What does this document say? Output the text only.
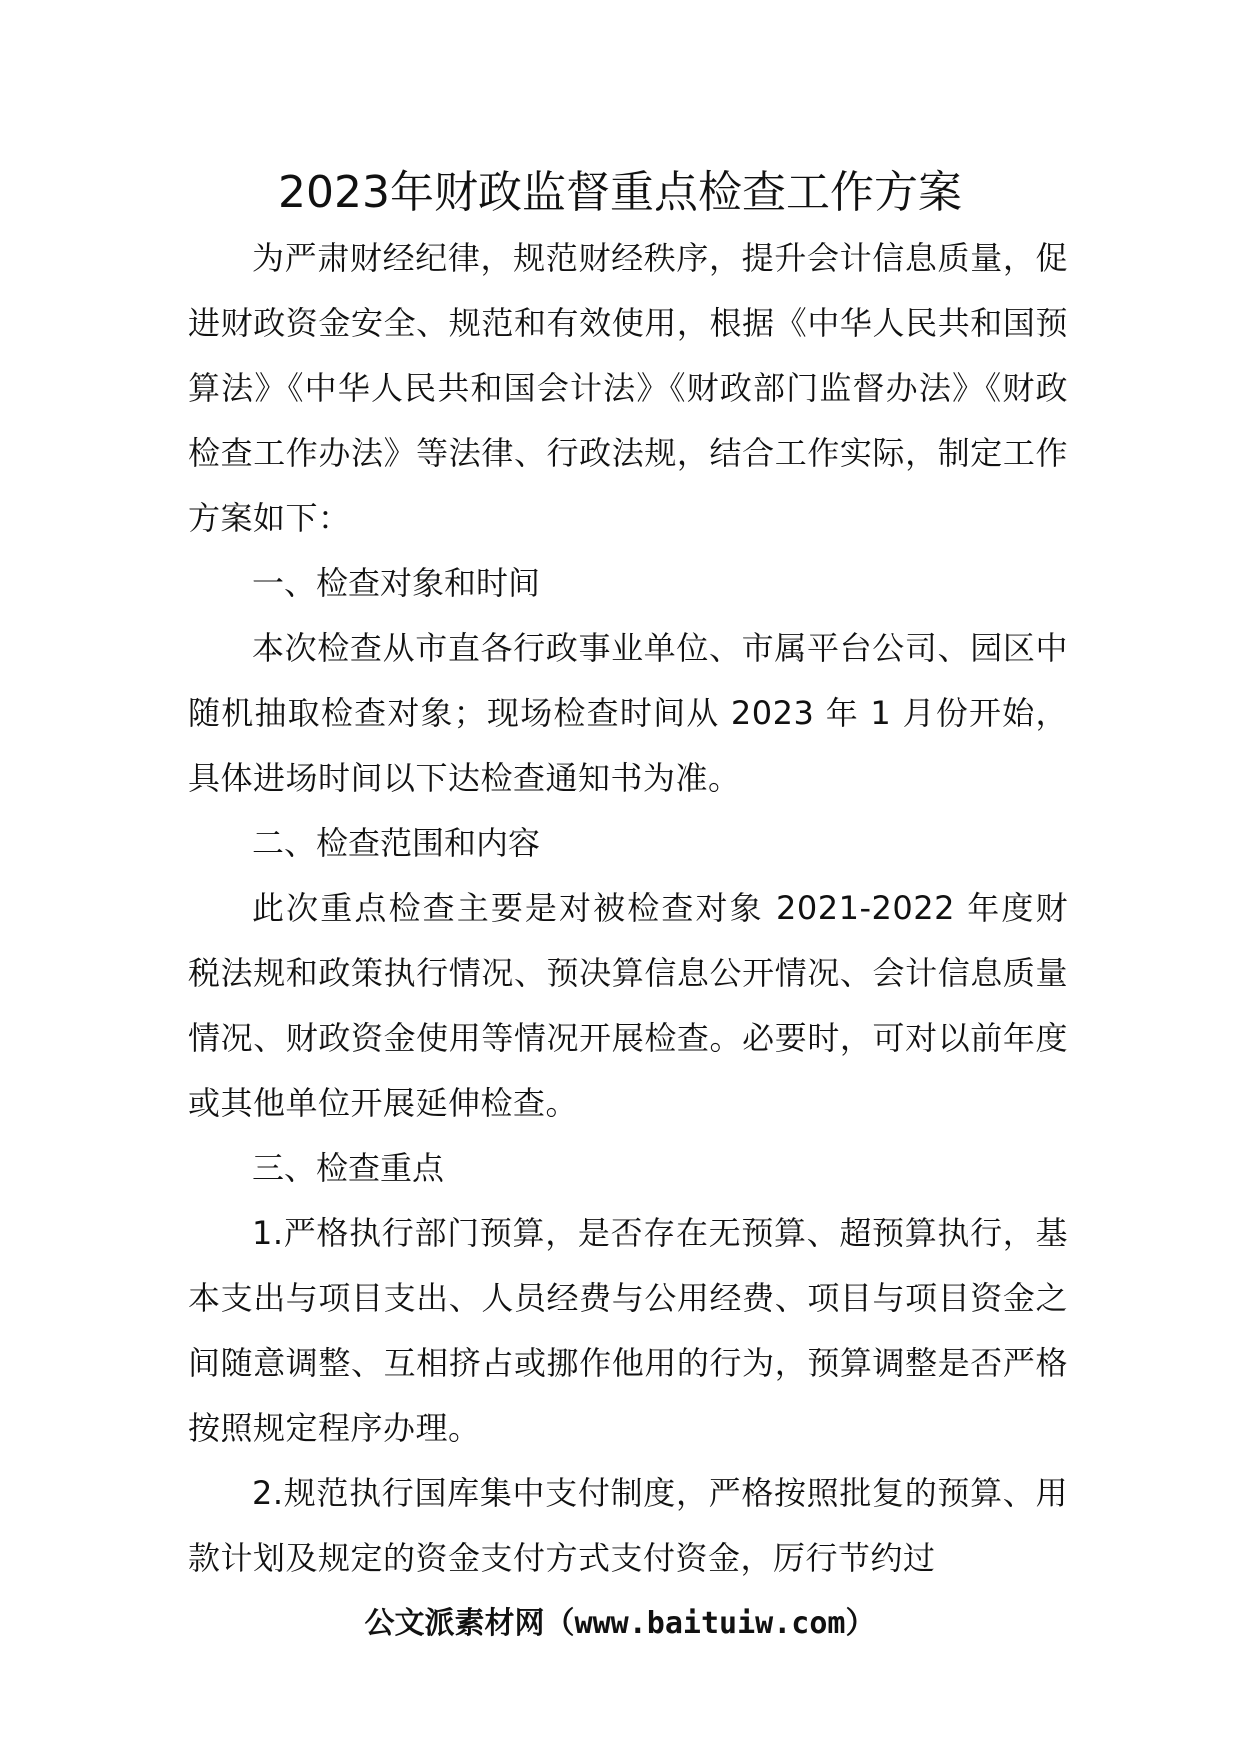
2023年财政监督重点检查工作方案

为严肃财经纪律，规范财经秩序，提升会计信息质量，促进财政资金安全、规范和有效使用，根据《中华人民共和国预算法》《中华人民共和国会计法》《财政部门监督办法》《财政检查工作办法》等法律、行政法规，结合工作实际，制定工作方案如下：

一、检查对象和时间

本次检查从市直各行政事业单位、市属平台公司、园区中随机抽取检查对象；现场检查时间从 2023 年 1 月份开始，具体进场时间以下达检查通知书为准。

二、检查范围和内容

此次重点检查主要是对被检查对象 2021-2022 年度财税法规和政策执行情况、预决算信息公开情况、会计信息质量情况、财政资金使用等情况开展检查。必要时，可对以前年度或其他单位开展延伸检查。

三、检查重点

1.严格执行部门预算，是否存在无预算、超预算执行，基本支出与项目支出、人员经费与公用经费、项目与项目资金之间随意调整、互相挤占或挪作他用的行为，预算调整是否严格按照规定程序办理。

2.规范执行国库集中支付制度，严格按照批复的预算、用款计划及规定的资金支付方式支付资金，厉行节约过

公文派素材网（www.baituiw.com）
